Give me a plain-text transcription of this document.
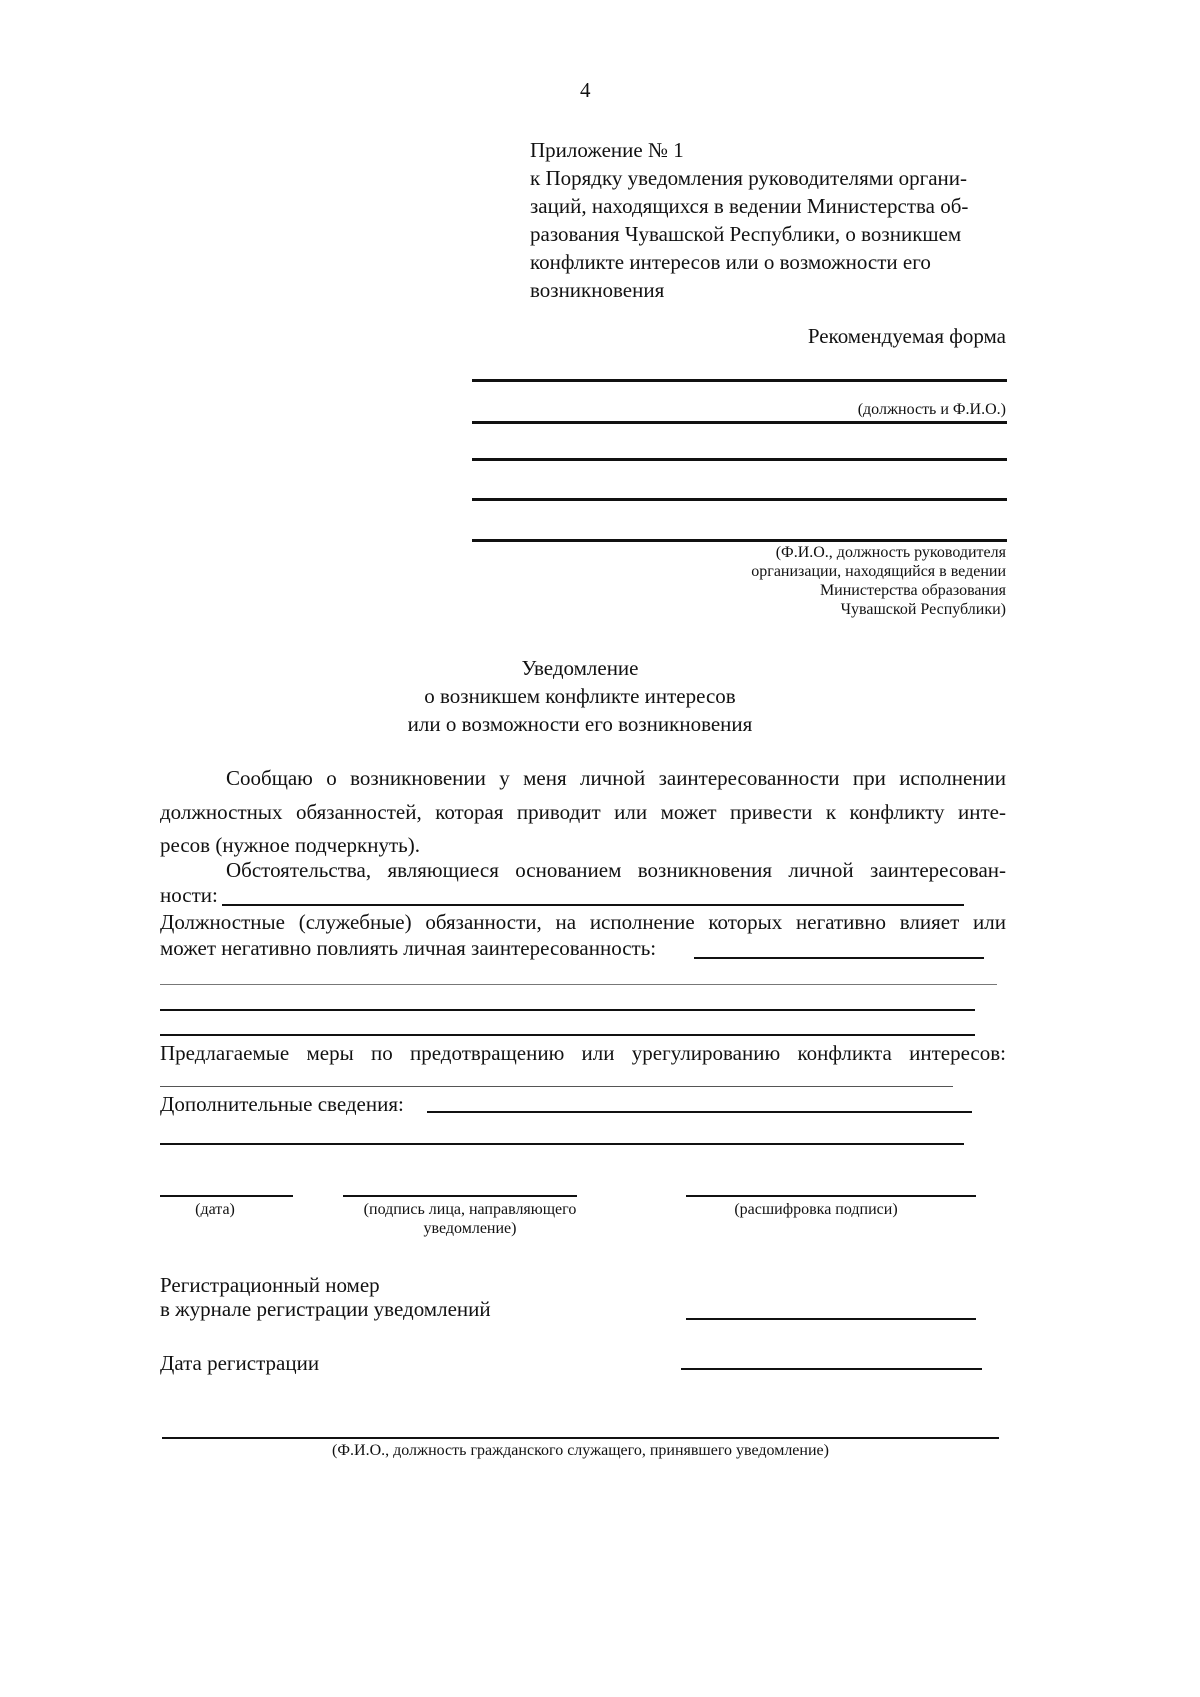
4
Приложение № 1
к Порядку уведомления руководителями органи-
заций, находящихся в ведении Министерства об-
разования Чувашской Республики, о возникшем
конфликте интересов или о возможности его
возникновения
Рекомендуемая форма
(должность и Ф.И.О.)
(Ф.И.О., должность руководителя
организации, находящийся в ведении
Министерства образования
Чувашской Республики)
Уведомление
о возникшем конфликте интересов
или о возможности его возникновения
Сообщаю о возникновении у меня личной заинтересованности при исполнении
должностных обязанностей, которая приводит или может привести к конфликту инте-
ресов (нужное подчеркнуть).
Обстоятельства, являющиеся основанием возникновения личной заинтересован-
ности:
Должностные (служебные) обязанности, на исполнение которых негативно влияет или
может негативно повлиять личная заинтересованность:
Предлагаемые меры по предотвращению или урегулированию конфликта интересов:
Дополнительные сведения:
(дата)	(подпись лица, направляющего
уведомление)
(расшифровка подписи)
Регистрационный номер
в журнале регистрации уведомлений
Дата регистрации
(Ф.И.О., должность гражданского служащего, принявшего уведомление)
